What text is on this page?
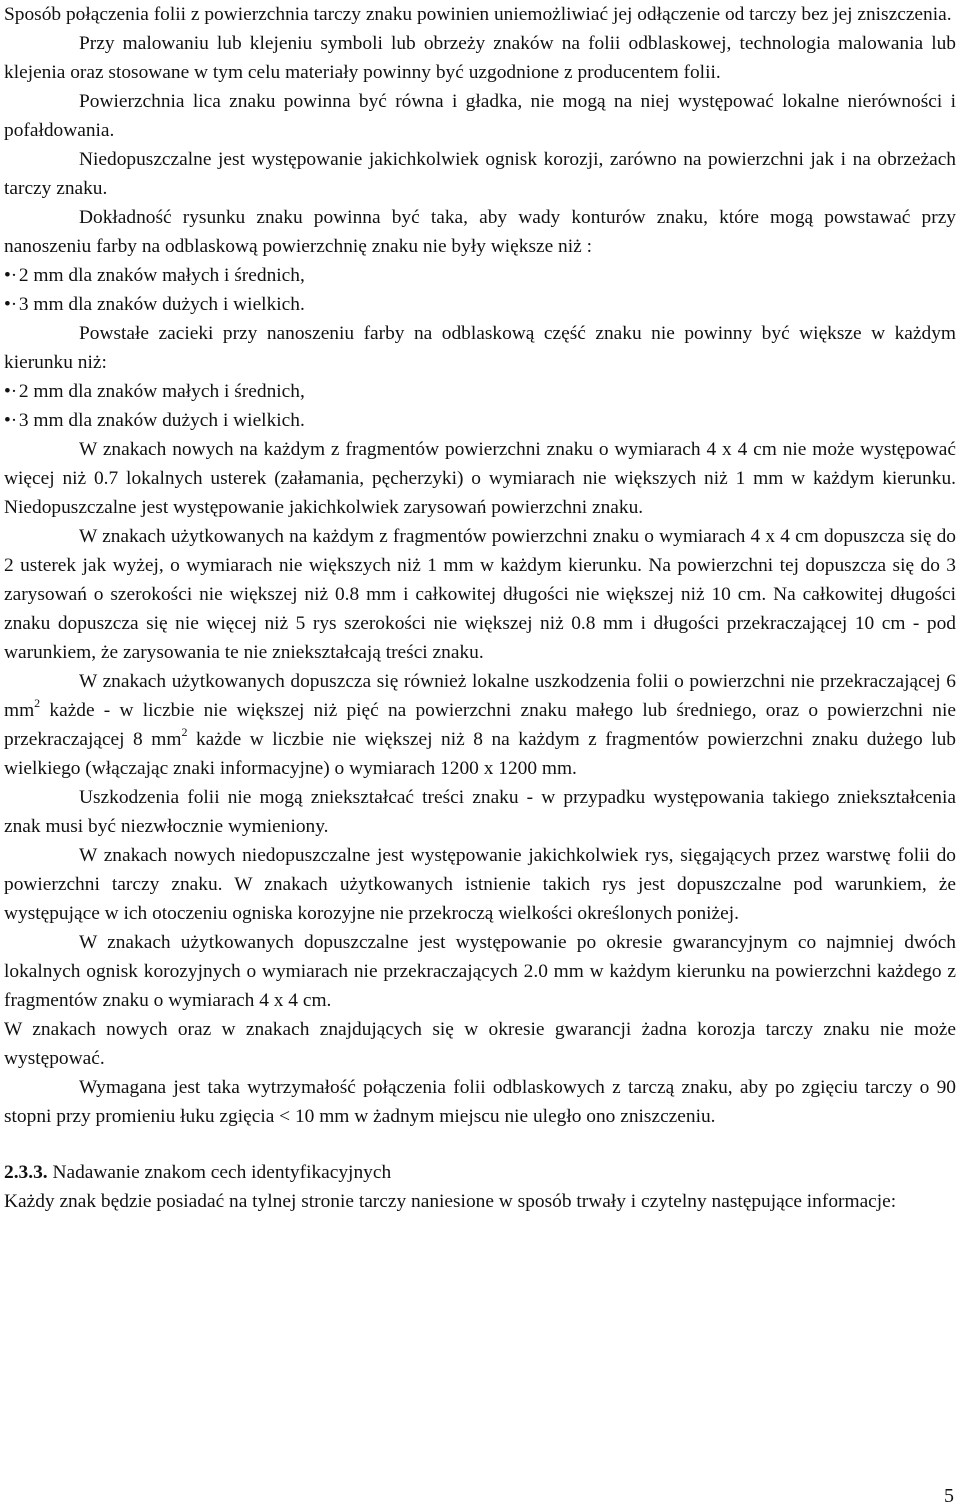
Sposób połączenia folii z powierzchnia tarczy znaku powinien uniemożliwiać jej odłączenie od tarczy bez jej zniszczenia.

Przy malowaniu lub klejeniu symboli lub obrzeży znaków na folii odblaskowej, technologia malowania lub klejenia oraz stosowane w tym celu materiały powinny być uzgodnione z producentem folii.

Powierzchnia lica znaku powinna być równa i gładka, nie mogą na niej występować lokalne nierówności i pofałdowania.

Niedopuszczalne jest występowanie jakichkolwiek ognisk korozji, zarówno na powierzchni jak i na obrzeżach tarczy znaku.

Dokładność rysunku znaku powinna być taka, aby wady konturów znaku, które mogą powstawać przy nanoszeniu farby na odblaskową powierzchnię znaku nie były większe niż :

•· 2 mm dla znaków małych i średnich,

•· 3 mm dla znaków dużych i wielkich.

Powstałe zacieki przy nanoszeniu farby na odblaskową część znaku nie powinny być większe w każdym kierunku niż:

•· 2 mm dla znaków małych i średnich,

•· 3 mm dla znaków dużych i wielkich.

W znakach nowych na każdym z fragmentów powierzchni znaku o wymiarach 4 x 4 cm nie może występować więcej niż 0.7 lokalnych usterek (załamania, pęcherzyki) o wymiarach nie większych niż 1 mm w każdym kierunku. Niedopuszczalne jest występowanie jakichkolwiek zarysowań powierzchni znaku.

W znakach użytkowanych na każdym z fragmentów powierzchni znaku o wymiarach 4 x 4 cm dopuszcza się do 2 usterek jak wyżej, o wymiarach nie większych niż 1 mm w każdym kierunku. Na powierzchni tej dopuszcza się do 3 zarysowań o szerokości nie większej niż 0.8 mm i całkowitej długości nie większej niż 10 cm. Na całkowitej długości znaku dopuszcza się nie więcej niż 5 rys szerokości nie większej niż 0.8 mm i długości przekraczającej 10 cm - pod warunkiem, że zarysowania te nie zniekształcają treści znaku.

W znakach użytkowanych dopuszcza się również lokalne uszkodzenia folii o powierzchni nie przekraczającej 6 $mm^2$ każde - w liczbie nie większej niż pięć na powierzchni znaku małego lub średniego, oraz o powierzchni nie przekraczającej 8 $mm^2$ każde w liczbie nie większej niż 8 na każdym z fragmentów powierzchni znaku dużego lub wielkiego (włączając znaki informacyjne) o wymiarach 1200 x 1200 mm.

Uszkodzenia folii nie mogą zniekształcać treści znaku - w przypadku występowania takiego zniekształcenia znak musi być niezwłocznie wymieniony.

W znakach nowych niedopuszczalne jest występowanie jakichkolwiek rys, sięgających przez warstwę folii do powierzchni tarczy znaku. W znakach użytkowanych istnienie takich rys jest dopuszczalne pod warunkiem, że występujące w ich otoczeniu ogniska korozyjne nie przekroczą wielkości określonych poniżej.

W znakach użytkowanych dopuszczalne jest występowanie po okresie gwarancyjnym co najmniej dwóch lokalnych ognisk korozyjnych o wymiarach nie przekraczających 2.0 mm w każdym kierunku na powierzchni każdego z fragmentów znaku o wymiarach 4 x 4 cm.

W znakach nowych oraz w znakach znajdujących się w okresie gwarancji żadna korozja tarczy znaku nie może występować.

Wymagana jest taka wytrzymałość połączenia folii odblaskowych z tarczą znaku, aby po zgięciu tarczy o 90 stopni przy promieniu łuku zgięcia < 10 mm w żadnym miejscu nie uległo ono zniszczeniu.

2.3.3. Nadawanie znakom cech identyfikacyjnych

Każdy znak będzie posiadać na tylnej stronie tarczy naniesione w sposób trwały i czytelny następujące informacje:

5
